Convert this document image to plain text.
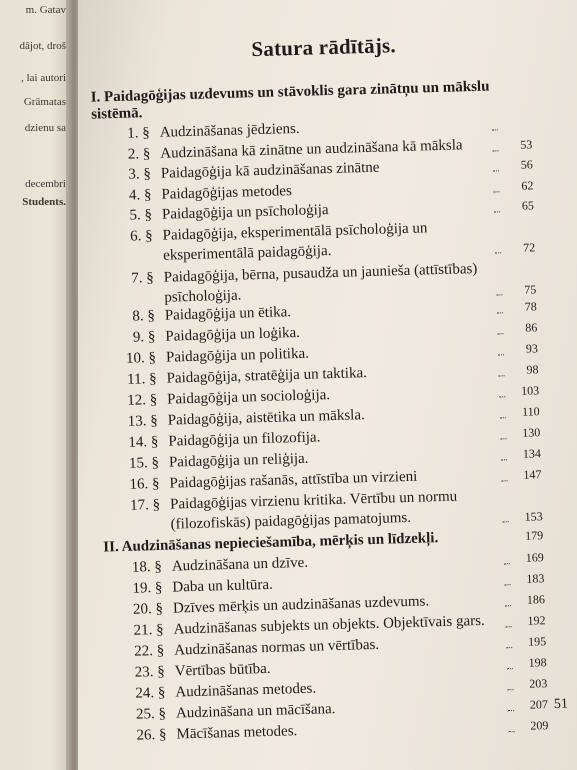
m. Gatav
dājot, droš
, lai autori
Grāmatas
dzienu sa
decembri
Students.
Satura rādītājs.
I. Paidagōģijas uzdevums un stāvoklis gara zinātņu un mākslu
sistēmā.
1. § Audzināšanas jēdziens.
2. § Audzināšana kā zinātne un audzināšana kā māksla	53
3. § Paidagōģija kā audzināšanas zinātne	56
4. § Paidagōģijas metodes	62
5. § Paidagōģija un psīcholoģija	65
6. § Paidagōģija, eksperimentālā psīcholoģija un
eksperimentālā paidagōģija.	72
7. § Paidagōģija, bērna, pusaudža un jaunieša (attīstības)
psīcholoģija.	75
8. § Paidagōģija un ētika.	78
9. § Paidagōģija un loģika.	86
10. § Paidagōģija un politika.	93
11. § Paidagōģija, stratēģija un taktika.	98
12. § Paidagōģija un socioloģija.	103
13. § Paidagōģija, aistētika un māksla.	110
14. § Paidagōģija un filozofija.	130
15. § Paidagōģija un reliģija.	134
16. § Paidagōģijas rašanās, attīstība un virzieni	147
17. § Paidagōģijas virzienu kritika. Vērtību un normu
(filozofiskās) paidagōģijas pamatojums.	153
II. Audzināšanas nepieciešamība, mērķis un līdzekļi.	179
18. § Audzināšana un dzīve.	169
19. § Daba un kultūra.	183
20. § Dzīves mērķis un audzināšanas uzdevums.	186
21. § Audzināšanas subjekts un objekts. Objektīvais gars.	192
22. § Audzināšanas normas un vērtības.	195
23. § Vērtības būtība.	198
24. § Audzināšanas metodes.	203
25. § Audzināšana un mācīšana.	207
26. § Mācīšanas metodes.	209
51
